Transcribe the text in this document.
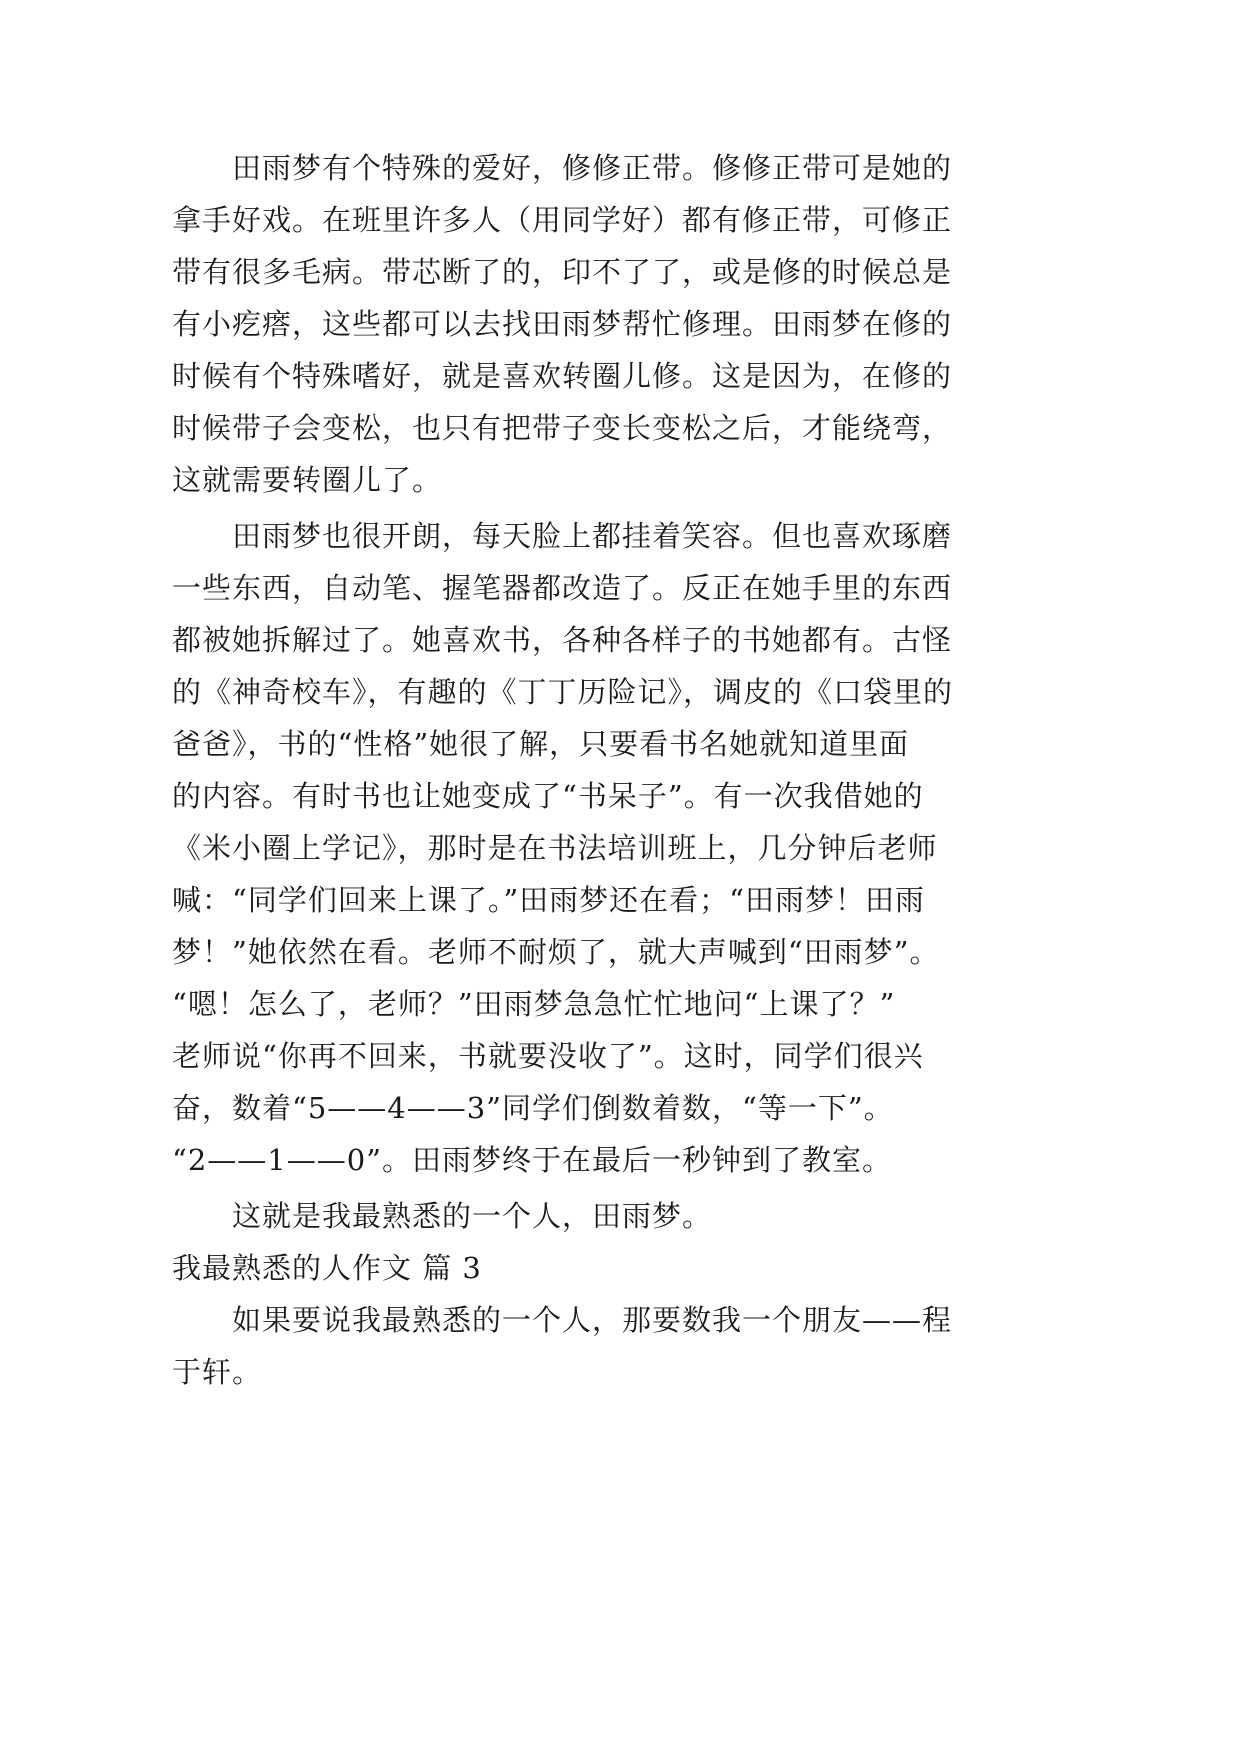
田雨梦有个特殊的爱好，修修正带。修修正带可是她的
拿手好戏。在班里许多人（用同学好）都有修正带，可修正
带有很多毛病。带芯断了的，印不了了，或是修的时候总是
有小疙瘩，这些都可以去找田雨梦帮忙修理。田雨梦在修的
时候有个特殊嗜好，就是喜欢转圈儿修。这是因为，在修的
时候带子会变松，也只有把带子变长变松之后，才能绕弯，
这就需要转圈儿了。
田雨梦也很开朗，每天脸上都挂着笑容。但也喜欢琢磨
一些东西，自动笔、握笔器都改造了。反正在她手里的东西
都被她拆解过了。她喜欢书，各种各样子的书她都有。古怪
的《神奇校车》，有趣的《丁丁历险记》，调皮的《口袋里的
爸爸》，书的“性格”她很了解，只要看书名她就知道里面
的内容。有时书也让她变成了“书呆子”。有一次我借她的
《米小圈上学记》，那时是在书法培训班上，几分钟后老师
喊：“同学们回来上课了。”田雨梦还在看；“田雨梦！田雨
梦！”她依然在看。老师不耐烦了，就大声喊到“田雨梦”。
“嗯！怎么了，老师？”田雨梦急急忙忙地问“上课了？”
老师说“你再不回来，书就要没收了”。这时，同学们很兴
奋，数着“5——4——3”同学们倒数着数，“等一下”。
“2——1——0”。田雨梦终于在最后一秒钟到了教室。
这就是我最熟悉的一个人，田雨梦。
我最熟悉的人作文 篇 3
如果要说我最熟悉的一个人，那要数我一个朋友——程
于轩。
